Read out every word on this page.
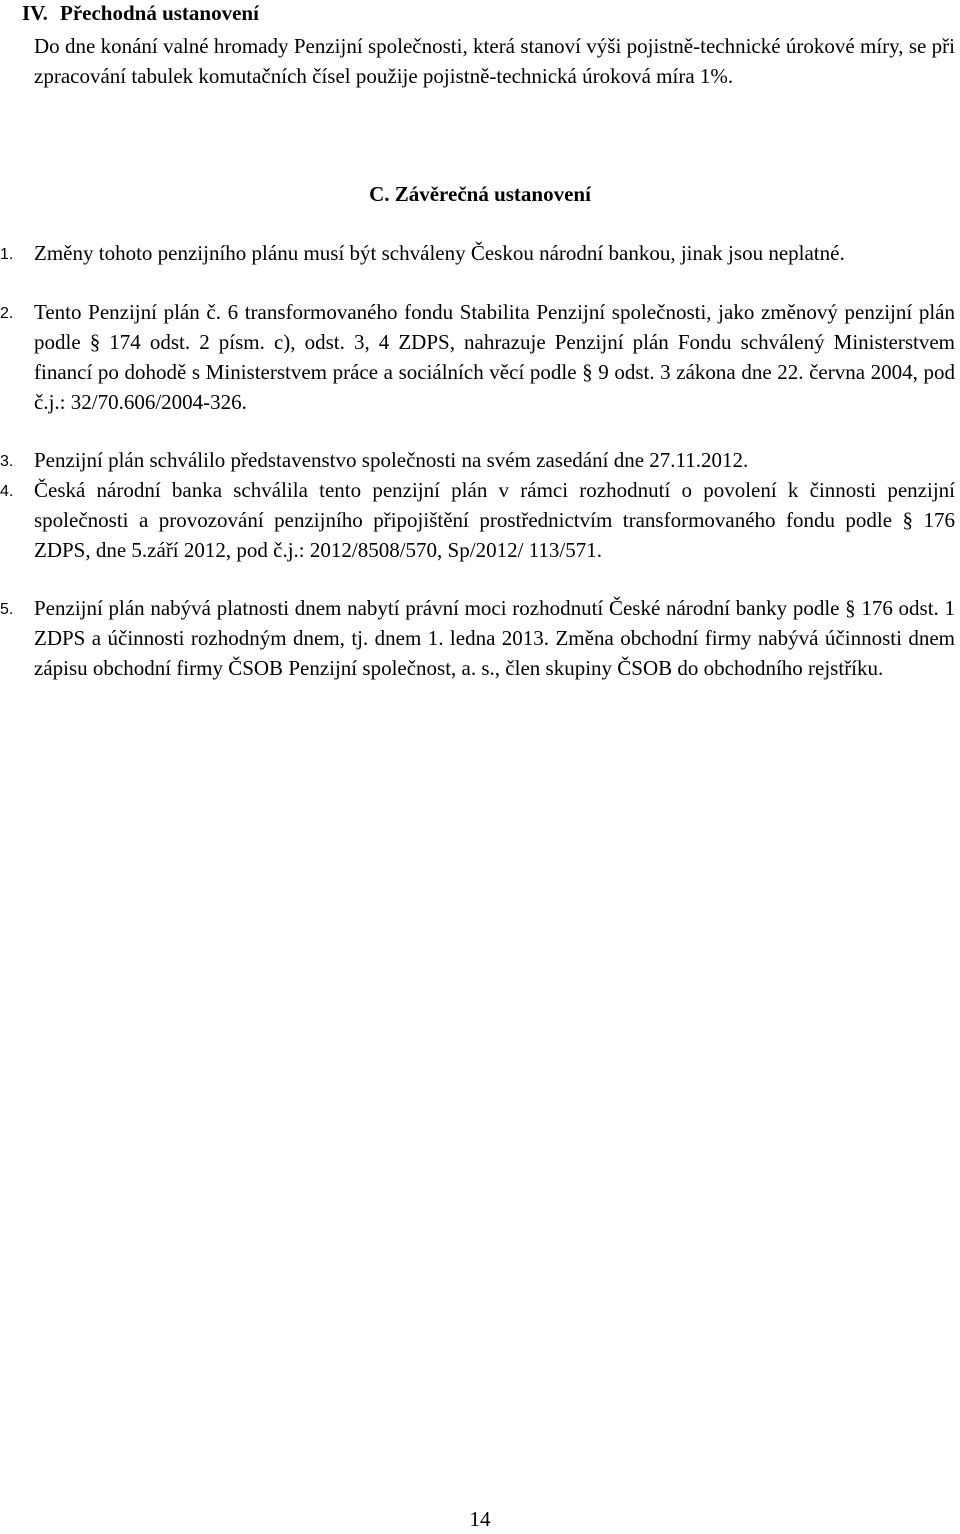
IV. Přechodná ustanovení
Do dne konání valné hromady Penzijní společnosti, která stanoví výši pojistně-technické úrokové míry, se při zpracování tabulek komutačních čísel použije pojistně-technická úroková míra 1%.
C. Závěrečná ustanovení
1. Změny tohoto penzijního plánu musí být schváleny Českou národní bankou, jinak jsou neplatné.
2. Tento Penzijní plán č. 6 transformovaného fondu Stabilita Penzijní společnosti, jako změnový penzijní plán podle § 174 odst. 2 písm. c), odst. 3, 4 ZDPS, nahrazuje Penzijní plán Fondu schválený Ministerstvem financí po dohodě s Ministerstvem práce a sociálních věcí podle § 9 odst. 3 zákona dne 22. června 2004, pod č.j.: 32/70.606/2004-326.
3. Penzijní plán schválilo představenstvo společnosti na svém zasedání dne 27.11.2012.
4. Česká národní banka schválila tento penzijní plán v rámci rozhodnutí o povolení k činnosti penzijní společnosti a provozování penzijního připojištění prostřednictvím transformovaného fondu podle § 176 ZDPS, dne 5.září 2012, pod č.j.: 2012/8508/570, Sp/2012/ 113/571.
5. Penzijní plán nabývá platnosti dnem nabytí právní moci rozhodnutí České národní banky podle § 176 odst. 1 ZDPS a účinnosti rozhodným dnem, tj. dnem 1. ledna 2013. Změna obchodní firmy nabývá účinnosti dnem zápisu obchodní firmy ČSOB Penzijní společnost, a. s., člen skupiny ČSOB do obchodního rejstříku.
14
